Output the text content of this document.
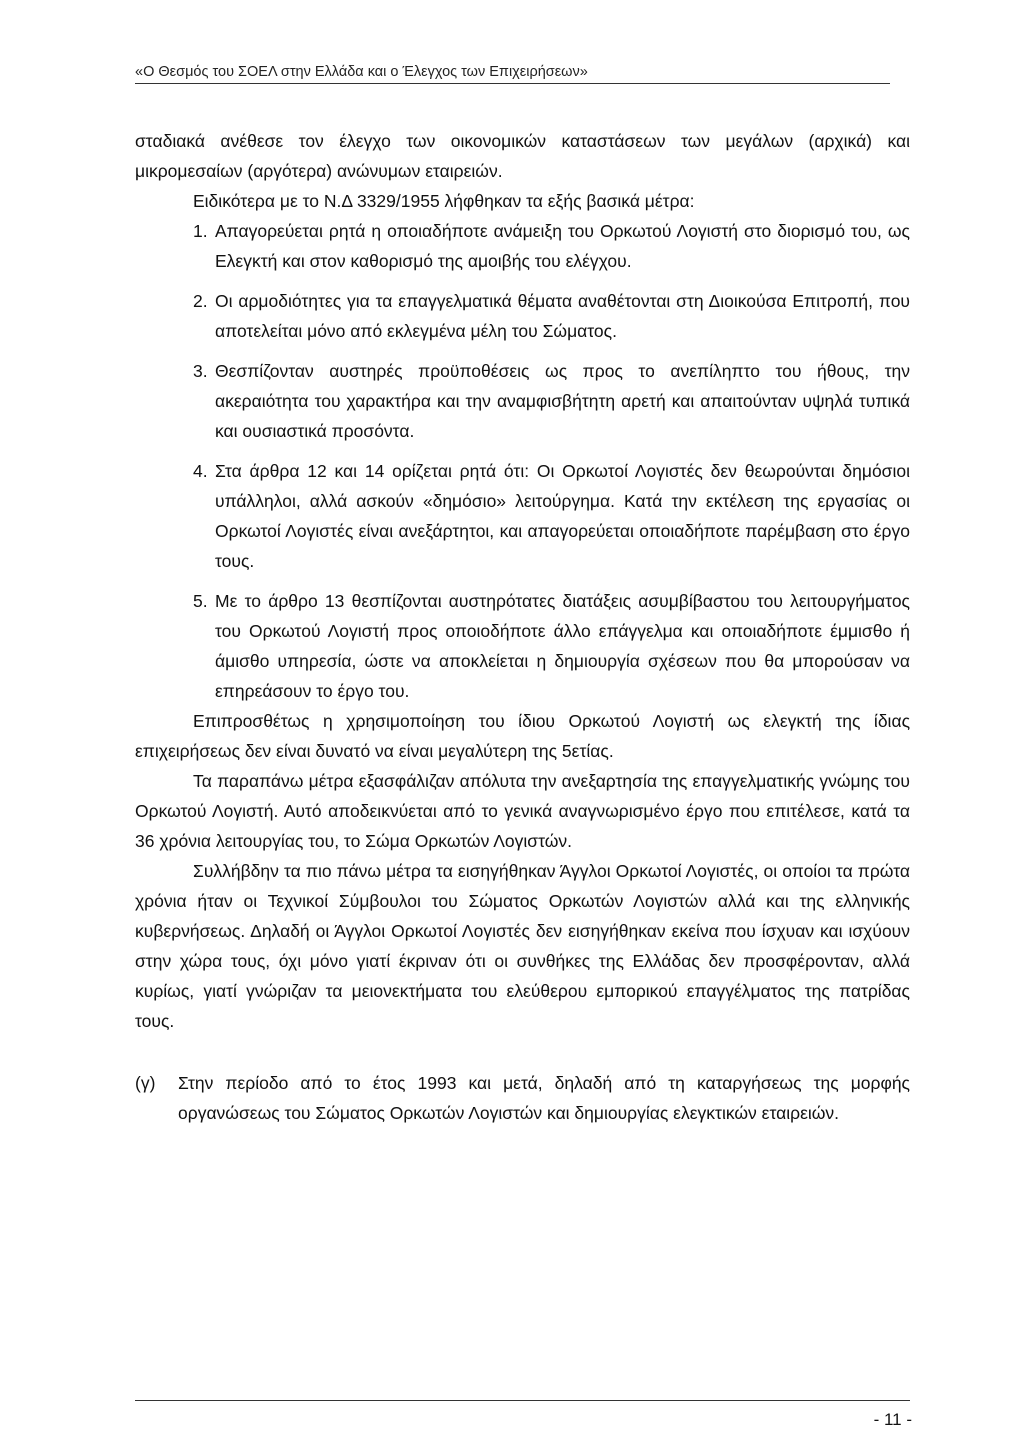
«Ο Θεσμός του ΣΟΕΛ στην Ελλάδα και ο Έλεγχος των Επιχειρήσεων»

σταδιακά ανέθεσε τον έλεγχο των οικονομικών καταστάσεων των μεγάλων (αρχικά) και μικρομεσαίων (αργότερα) ανώνυμων εταιρειών.

Ειδικότερα με το Ν.Δ 3329/1955 λήφθηκαν τα εξής βασικά μέτρα:

1. Απαγορεύεται ρητά η οποιαδήποτε ανάμειξη του Ορκωτού Λογιστή στο διορισμό του, ως Ελεγκτή και στον καθορισμό της αμοιβής του ελέγχου.
2. Οι αρμοδιότητες για τα επαγγελματικά θέματα αναθέτονται στη Διοικούσα Επιτροπή, που αποτελείται μόνο από εκλεγμένα μέλη του Σώματος.
3. Θεσπίζονταν αυστηρές προϋποθέσεις ως προς το ανεπίληπτο του ήθους, την ακεραιότητα του χαρακτήρα και την αναμφισβήτητη αρετή και απαιτούνταν υψηλά τυπικά και ουσιαστικά προσόντα.
4. Στα άρθρα 12 και 14 ορίζεται ρητά ότι: Οι Ορκωτοί Λογιστές δεν θεωρούνται δημόσιοι υπάλληλοι, αλλά ασκούν «δημόσιο» λειτούργημα. Κατά την εκτέλεση της εργασίας οι Ορκωτοί Λογιστές είναι ανεξάρτητοι, και απαγορεύεται οποιαδήποτε παρέμβαση στο έργο τους.
5. Με το άρθρο 13 θεσπίζονται αυστηρότατες διατάξεις ασυμβίβαστου του λειτουργήματος του Ορκωτού Λογιστή προς οποιοδήποτε άλλο επάγγελμα και οποιαδήποτε έμμισθο ή άμισθο υπηρεσία, ώστε να αποκλείεται η δημιουργία σχέσεων που θα μπορούσαν να επηρεάσουν το έργο του.

Επιπροσθέτως η χρησιμοποίηση του ίδιου Ορκωτού Λογιστή ως ελεγκτή της ίδιας επιχειρήσεως δεν είναι δυνατό να είναι μεγαλύτερη της 5ετίας.

Τα παραπάνω μέτρα εξασφάλιζαν απόλυτα την ανεξαρτησία της επαγγελματικής γνώμης του Ορκωτού Λογιστή. Αυτό αποδεικνύεται από το γενικά αναγνωρισμένο έργο που επιτέλεσε, κατά τα 36 χρόνια λειτουργίας του, το Σώμα Ορκωτών Λογιστών.

Συλλήβδην τα πιο πάνω μέτρα τα εισηγήθηκαν Άγγλοι Ορκωτοί Λογιστές, οι οποίοι τα πρώτα χρόνια ήταν οι Τεχνικοί Σύμβουλοι του Σώματος Ορκωτών Λογιστών αλλά και της ελληνικής κυβερνήσεως. Δηλαδή οι Άγγλοι Ορκωτοί Λογιστές δεν εισηγήθηκαν εκείνα που ίσχυαν και ισχύουν στην χώρα τους, όχι μόνο γιατί έκριναν ότι οι συνθήκες της Ελλάδας δεν προσφέρονταν, αλλά κυρίως, γιατί γνώριζαν τα μειονεκτήματα του ελεύθερου εμπορικού επαγγέλματος της πατρίδας τους.

(γ)	Στην περίοδο από το έτος 1993 και μετά, δηλαδή από τη καταργήσεως της μορφής οργανώσεως του Σώματος Ορκωτών Λογιστών και δημιουργίας ελεγκτικών εταιρειών.
- 11 -
